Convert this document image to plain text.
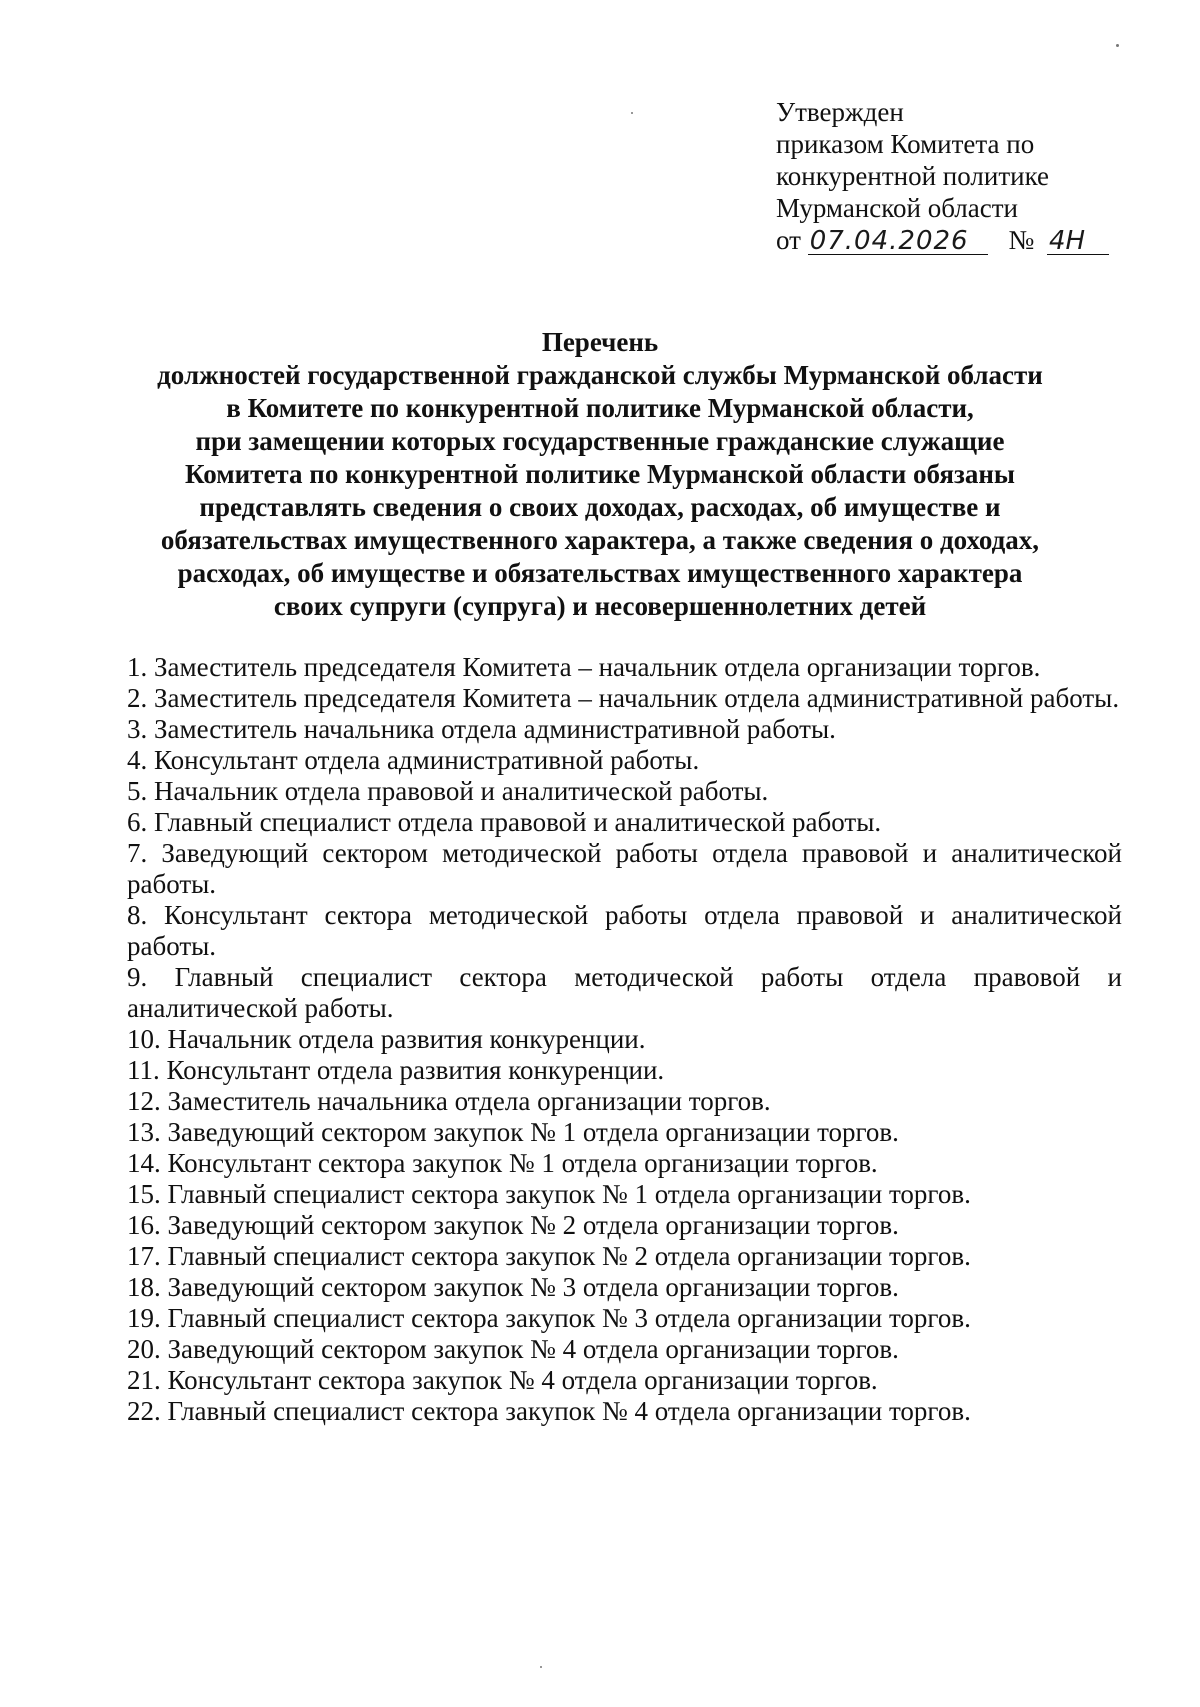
Утвержден
приказом Комитета по
конкурентной политике
Мурманской области
от 07.04.2026 № 4Н
Перечень
должностей государственной гражданской службы Мурманской области
в Комитете по конкурентной политике Мурманской области,
при замещении которых государственные гражданские служащие
Комитета по конкурентной политике Мурманской области обязаны
представлять сведения о своих доходах, расходах, об имуществе и
обязательствах имущественного характера, а также сведения о доходах,
расходах, об имуществе и обязательствах имущественного характера
своих супруги (супруга) и несовершеннолетних детей
1. Заместитель председателя Комитета – начальник отдела организации торгов.
2. Заместитель председателя Комитета – начальник отдела административной работы.
3. Заместитель начальника отдела административной работы.
4. Консультант отдела административной работы.
5. Начальник отдела правовой и аналитической работы.
6. Главный специалист отдела правовой и аналитической работы.
7. Заведующий сектором методической работы отдела правовой и аналитической работы.
8. Консультант сектора методической работы отдела правовой и аналитической работы.
9. Главный специалист сектора методической работы отдела правовой и аналитической работы.
10. Начальник отдела развития конкуренции.
11. Консультант отдела развития конкуренции.
12. Заместитель начальника отдела организации торгов.
13. Заведующий сектором закупок № 1 отдела организации торгов.
14. Консультант сектора закупок № 1 отдела организации торгов.
15. Главный специалист сектора закупок № 1 отдела организации торгов.
16. Заведующий сектором закупок № 2 отдела организации торгов.
17. Главный специалист сектора закупок № 2 отдела организации торгов.
18. Заведующий сектором закупок № 3 отдела организации торгов.
19. Главный специалист сектора закупок № 3 отдела организации торгов.
20. Заведующий сектором закупок № 4 отдела организации торгов.
21. Консультант сектора закупок № 4 отдела организации торгов.
22. Главный специалист сектора закупок № 4 отдела организации торгов.
